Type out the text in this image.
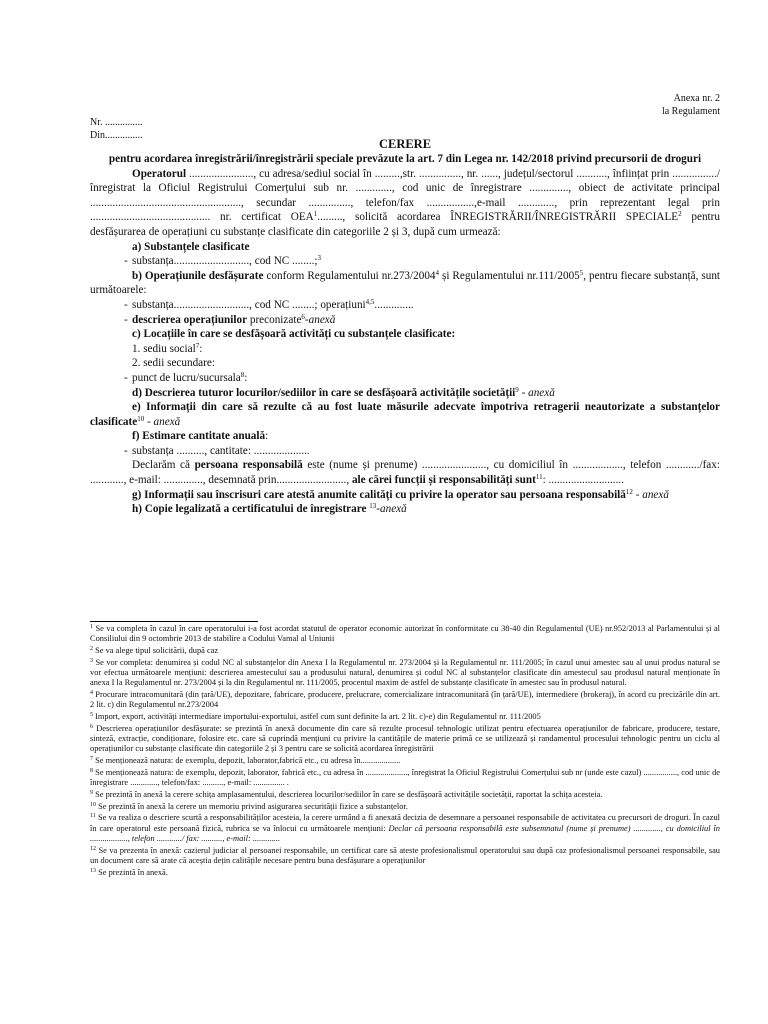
Anexa nr. 2
la Regulament
Nr. ...............
Din...............
CERERE
pentru acordarea înregistrării/înregistrării speciale prevăzute la art. 7 din Legea nr. 142/2018 privind precursorii de droguri

Operatorul ......................., cu adresa/sediul social în .........,str. ..............., nr. ......, județul/sectorul ..........., înființat prin ................/înregistrat la Oficiul Registrului Comerțului sub nr. ............., cod unic de înregistrare .............., obiect de activitate principal ......................................................, secundar ..............., telefon/fax .................,e-mail ............., prin reprezentant legal prin ........................................... nr. certificat OEA$^1$........., solicită acordarea ÎNREGISTRĂRII/ÎNREGISTRĂRII SPECIALE$^2$ pentru desfășurarea de operațiuni cu substanțe clasificate din categoriile 2 și 3, după cum urmează:

a) Substanțele clasificate

- substanța..........................., cod NC ........;$^3$

b) Operațiunile desfășurate conform Regulamentului nr.273/2004$^4$ și Regulamentului nr.111/2005$^5$, pentru fiecare substanță, sunt următoarele:

- substanța..........................., cod NC ........; operațiuni$^{4,5}$..............
- descrierea operațiunilor preconizate$^6$-anexă

c) Locațiile în care se desfășoară activități cu substanțele clasificate:

1. sediu social$^7$:

2. sedii secundare:

- punct de lucru/sucursala$^8$:

d) Descrierea tuturor locurilor/sediilor în care se desfășoară activitățile societății$^9$ - anexă

e) Informații din care să rezulte că au fost luate măsurile adecvate împotriva retragerii neautorizate a substanțelor clasificate$^{10}$ - anexă

f) Estimare cantitate anuală:

- substanța .........., cantitate: ....................

Declarăm că persoana responsabilă este (nume și prenume) ......................., cu domiciliul în .................., telefon ............/fax: ............, e-mail: .............., desemnată prin........................., ale cărei funcții și responsabilități sunt$^{11}$: ...........................

g) Informații sau înscrisuri care atestă anumite calități cu privire la operator sau persoana responsabilă$^{12}$ - anexă

h) Copie legalizată a certificatului de înregistrare $^{13}$-anexă

$^1$ Se va completa în cazul în care operatorului i-a fost acordat statutul de operator economic autorizat în conformitate cu 38-40 din Regulamentul (UE) nr.952/2013 al Parlamentului și al Consiliului din 9 octombrie 2013 de stabilire a Codului Vamal al Uniunii

$^2$ Se va alege tipul solicitării, după caz

$^3$ Se vor completa: denumirea și codul NC al substanțelor din Anexa I la Regulamentul nr. 273/2004 și la Regulamentul nr. 111/2005; în cazul unui amestec sau al unui produs natural se vor efectua următoarele mențiuni: descrierea amestecului sau a produsului natural, denumirea și codul NC al substanțelor clasificate din amestecul sau produsul natural menționate în anexa I la Regulamentul nr. 273/2004 și la din Regulamentul nr. 111/2005, procentul maxim de astfel de substanțe clasificate în amestec sau în produsul natural.

$^4$ Procurare intracomunitară (din țară/UE), depozitare, fabricare, producere, prelucrare, comercializare intracomunitară (în țară/UE), intermediere (brokeraj), în acord cu precizările din art. 2 lit. c) din Regulamentul nr.273/2004

$^5$ Import, export, activități intermediare importului-exportului, astfel cum sunt definite la art. 2 lit. c)-e) din Regulamentul nr. 111/2005

$^6$ Descrierea operațiunilor desfășurate: se prezintă în anexă documente din care să rezulte procesul tehnologic utilizat pentru efectuarea operațiunilor de fabricare, producere, testare, sinteză, extracție, condiționare, folosire etc. care să cuprindă mențiuni cu privire la cantitățile de materie primă ce se utilizează și randamentul procesului tehnologic pentru un ciclu al operațiunilor cu substanțe clasificate din categoriile 2 și 3 pentru care se solicită acordarea înregistrării

$^7$ Se menționează natura: de exemplu, depozit, laborator,fabrică etc., cu adresa în...................

$^8$ Se menționează natura: de exemplu, depozit, laborator, fabrică etc., cu adresa în ...................., înregistrat la Oficiul Registrului Comerțului sub nr (unde este cazul) ................, cod unic de înregistrare ............., telefon/fax: .........., e-mail: ............... .

$^9$ Se prezintă în anexă la cerere schița amplasamentului, descrierea locurilor/sediilor în care se desfășoară activitățile societății, raportat la schița acesteia.

$^{10}$ Se prezintă în anexă la cerere un memoriu privind asigurarea securității fizice a substanțelor.

$^{11}$ Se va realiza o descriere scurtă a responsabilităților acesteia, la cerere urmând a fi anexată decizia de desemnare a persoanei responsabile de activitatea cu precursori de droguri. În cazul în care operatorul este persoană fizică, rubrica se va înlocui cu următoarele mențiuni: Declar că persoana responsabilă este subsemnatul (nume și prenume) ............., cu domiciliul în .................., telefon ............/ fax: .........., e-mail: .............

$^{12}$ Se va prezenta în anexă: cazierul judiciar al persoanei responsabile, un certificat care să ateste profesionalismul operatorului sau după caz profesionalismul persoanei responsabile, sau un document care să arate că aceștia dețin calitățile necesare pentru buna desfășurare a operațiunilor

$^{13}$ Se prezintă în anexă.
